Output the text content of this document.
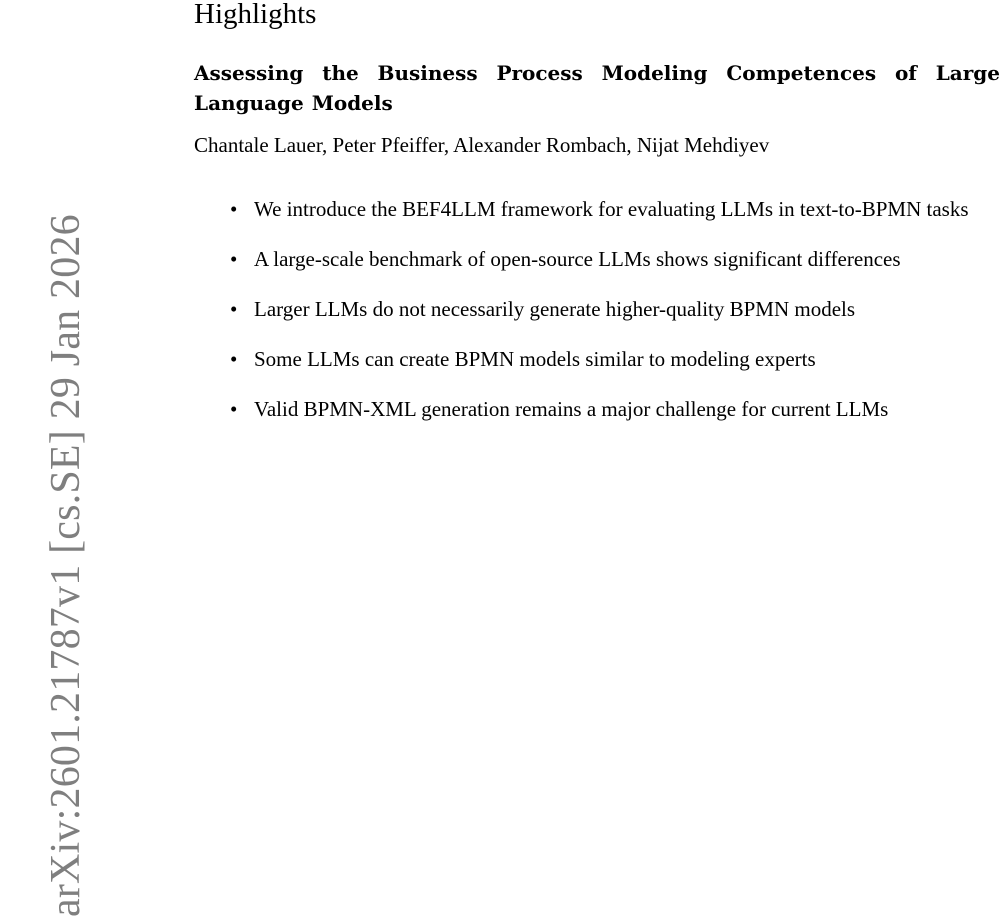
arXiv:2601.21787v1 [cs.SE] 29 Jan 2026
Highlights
Assessing the Business Process Modeling Competences of Large Language Models

Chantale Lauer, Peter Pfeiffer, Alexander Rombach, Nijat Mehdiyev

• We introduce the BEF4LLM framework for evaluating LLMs in text-to-BPMN tasks
• A large-scale benchmark of open-source LLMs shows significant differences
• Larger LLMs do not necessarily generate higher-quality BPMN models
• Some LLMs can create BPMN models similar to modeling experts
• Valid BPMN-XML generation remains a major challenge for current LLMs
